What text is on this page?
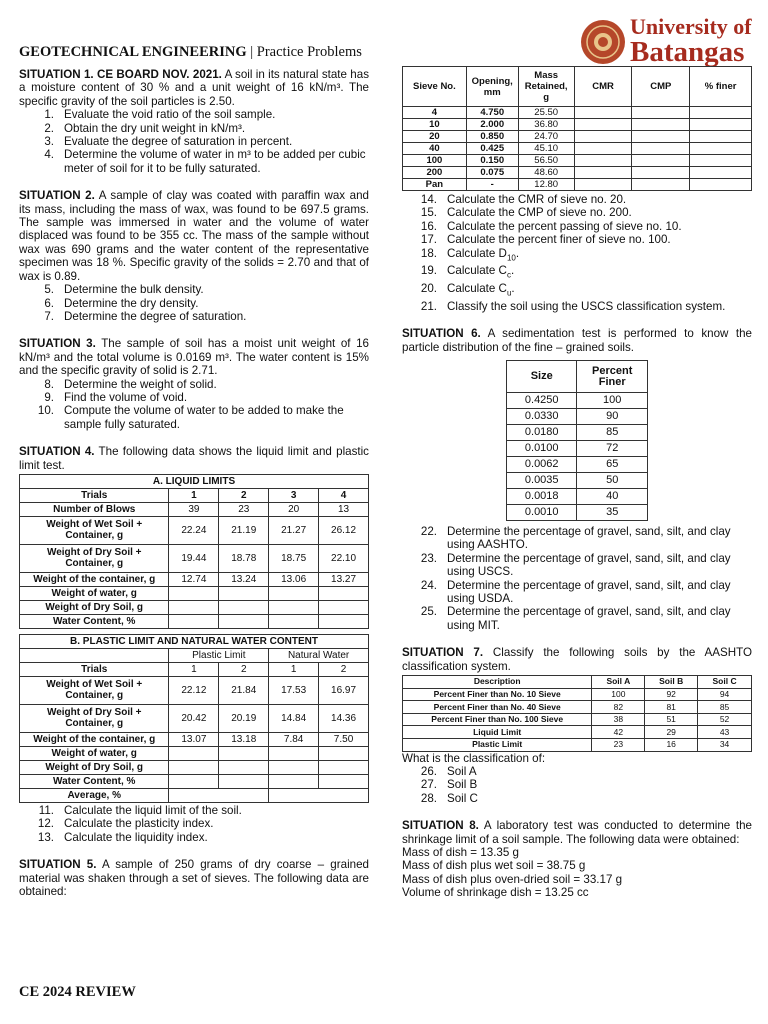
GEOTECHNICAL ENGINEERING | Practice Problems
University of
Batangas

SITUATION 1. CE BOARD NOV. 2021. A soil in its natural state has a moisture content of 30 % and a unit weight of 16 kN/m³. The specific gravity of the soil particles is 2.50.

1. Evaluate the void ratio of the soil sample.
2. Obtain the dry unit weight in kN/m³.
3. Evaluate the degree of saturation in percent.
4. Determine the volume of water in m³ to be added per cubic meter of soil for it to be fully saturated.

SITUATION 2. A sample of clay was coated with paraffin wax and its mass, including the mass of wax, was found to be 697.5 grams. The sample was immersed in water and the volume of water displaced was found to be 355 cc. The mass of the sample without wax was 690 grams and the water content of the representative specimen was 18 %. Specific gravity of the solids = 2.70 and that of wax is 0.89.

5. Determine the bulk density.
6. Determine the dry density.
7. Determine the degree of saturation.

SITUATION 3. The sample of soil has a moist unit weight of 16 kN/m³ and the total volume is 0.0169 m³. The water content is 15% and the specific gravity of solid is 2.71.

8. Determine the weight of solid.
9. Find the volume of void.
10. Compute the volume of water to be added to make the sample fully saturated.

SITUATION 4. The following data shows the liquid limit and plastic limit test.

A. LIQUID LIMITS				
Trials	1	2	3	4
Number of Blows	39	23	20	13
Weight of Wet Soil + Container, g	22.24	21.19	21.27	26.12
Weight of Dry Soil + Container, g	19.44	18.78	18.75	22.10
Weight of the container, g	12.74	13.24	13.06	13.27
Weight of water, g				
Weight of Dry Soil, g				
Water Content, %				
B. PLASTIC LIMIT AND NATURAL WATER CONTENT				
	Plastic Limit		Natural Water	
Trials	1	2	1	2
Weight of Wet Soil + Container, g	22.12	21.84	17.53	16.97
Weight of Dry Soil + Container, g	20.42	20.19	14.84	14.36
Weight of the container, g	13.07	13.18	7.84	7.50
Weight of water, g				
Weight of Dry Soil, g				
Water Content, %				
Average, %				
11. Calculate the liquid limit of the soil.
12. Calculate the plasticity index.
13. Calculate the liquidity index.

SITUATION 5. A sample of 250 grams of dry coarse – grained material was shaken through a set of sieves. The following data are obtained:

CE 2024 REVIEW
Sieve No.	Opening, mm	Mass Retained, g	CMR	CMP	% finer
4	4.750	25.50			
10	2.000	36.80			
20	0.850	24.70			
40	0.425	45.10			
100	0.150	56.50			
200	0.075	48.60			
Pan	-	12.80			
14. Calculate the CMR of sieve no. 20.
15. Calculate the CMP of sieve no. 200.
16. Calculate the percent passing of sieve no. 10.
17. Calculate the percent finer of sieve no. 100.
18. Calculate $D_{10}$.
19. Calculate $C_c$.
20. Calculate $C_u$.
21. Classify the soil using the USCS classification system.

SITUATION 6. A sedimentation test is performed to know the particle distribution of the fine – grained soils.

Size	Percent Finer
0.4250	100
0.0330	90
0.0180	85
0.0100	72
0.0062	65
0.0035	50
0.0018	40
0.0010	35
22. Determine the percentage of gravel, sand, silt, and clay using AASHTO.
23. Determine the percentage of gravel, sand, silt, and clay using USCS.
24. Determine the percentage of gravel, sand, silt, and clay using USDA.
25. Determine the percentage of gravel, sand, silt, and clay using MIT.

SITUATION 7. Classify the following soils by the AASHTO classification system.

Description	Soil A	Soil B	Soil C
Percent Finer than No. 10 Sieve	100	92	94
Percent Finer than No. 40 Sieve	82	81	85
Percent Finer than No. 100 Sieve	38	51	52
Liquid Limit	42	29	43
Plastic Limit	23	16	34

What is the classification of:

26. Soil A
27. Soil B
28. Soil C

SITUATION 8. A laboratory test was conducted to determine the shrinkage limit of a soil sample. The following data were obtained:

Mass of dish = 13.35 g

Mass of dish plus wet soil = 38.75 g

Mass of dish plus oven-dried soil = 33.17 g

Volume of shrinkage dish = 13.25 cc
